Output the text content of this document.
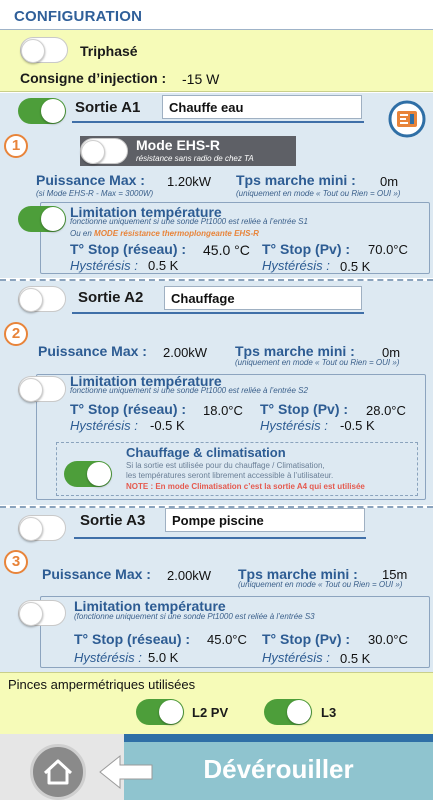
CONFIGURATION
Triphasé
Consigne d’injection : -15 W
Sortie A1	Chauffe eau
1	Mode EHS-R
résistance sans radio de chez TA
Puissance Max : 1.20kW
(si Mode EHS-R - Max = 3000W)
Tps marche mini : 0m
(uniquement en mode « Tout ou Rien = OUI »)
Limitation température
fonctionne uniquement si une sonde Pt1000 est reliée à l’entrée S1
Ou en MODE résistance thermoplongeante EHS-R
T° Stop (réseau) : 45.0 °C T° Stop (Pv) : 70.0°C
Hystérésis : 0.5 K	Hystérésis : 0.5 K
Sortie A2	Chauffage
2
Puissance Max : 2.00kW Tps marche mini : 0m
(uniquement en mode « Tout ou Rien = OUI »)
Limitation température
fonctionne uniquement si une sonde Pt1000 est reliée à l’entrée S2
T° Stop (réseau) : 18.0°C T° Stop (Pv) : 28.0°C
Hystérésis : -0.5 K	Hystérésis : -0.5 K
Chauffage & climatisation
Si la sortie est utilisée pour du chauffage / Climatisation,
les températures seront librement accessible à l’utilisateur.
NOTE : En mode Climatisation c’est la sortie A4 qui est utilisée
Sortie A3	Pompe piscine
3
Puissance Max : 2.00kW Tps marche mini : 15m
(uniquement en mode « Tout ou Rien = OUI »)
Limitation température
(fonctionne uniquement si une sonde Pt1000 est reliée à l’entrée S3
T° Stop (réseau) : 45.0°C T° Stop (Pv) : 30.0°C
Hystérésis : 5.0 K	Hystérésis : 0.5 K
Pinces ampermétriques utilisées
L2 PV	L3
Dévérouiller
